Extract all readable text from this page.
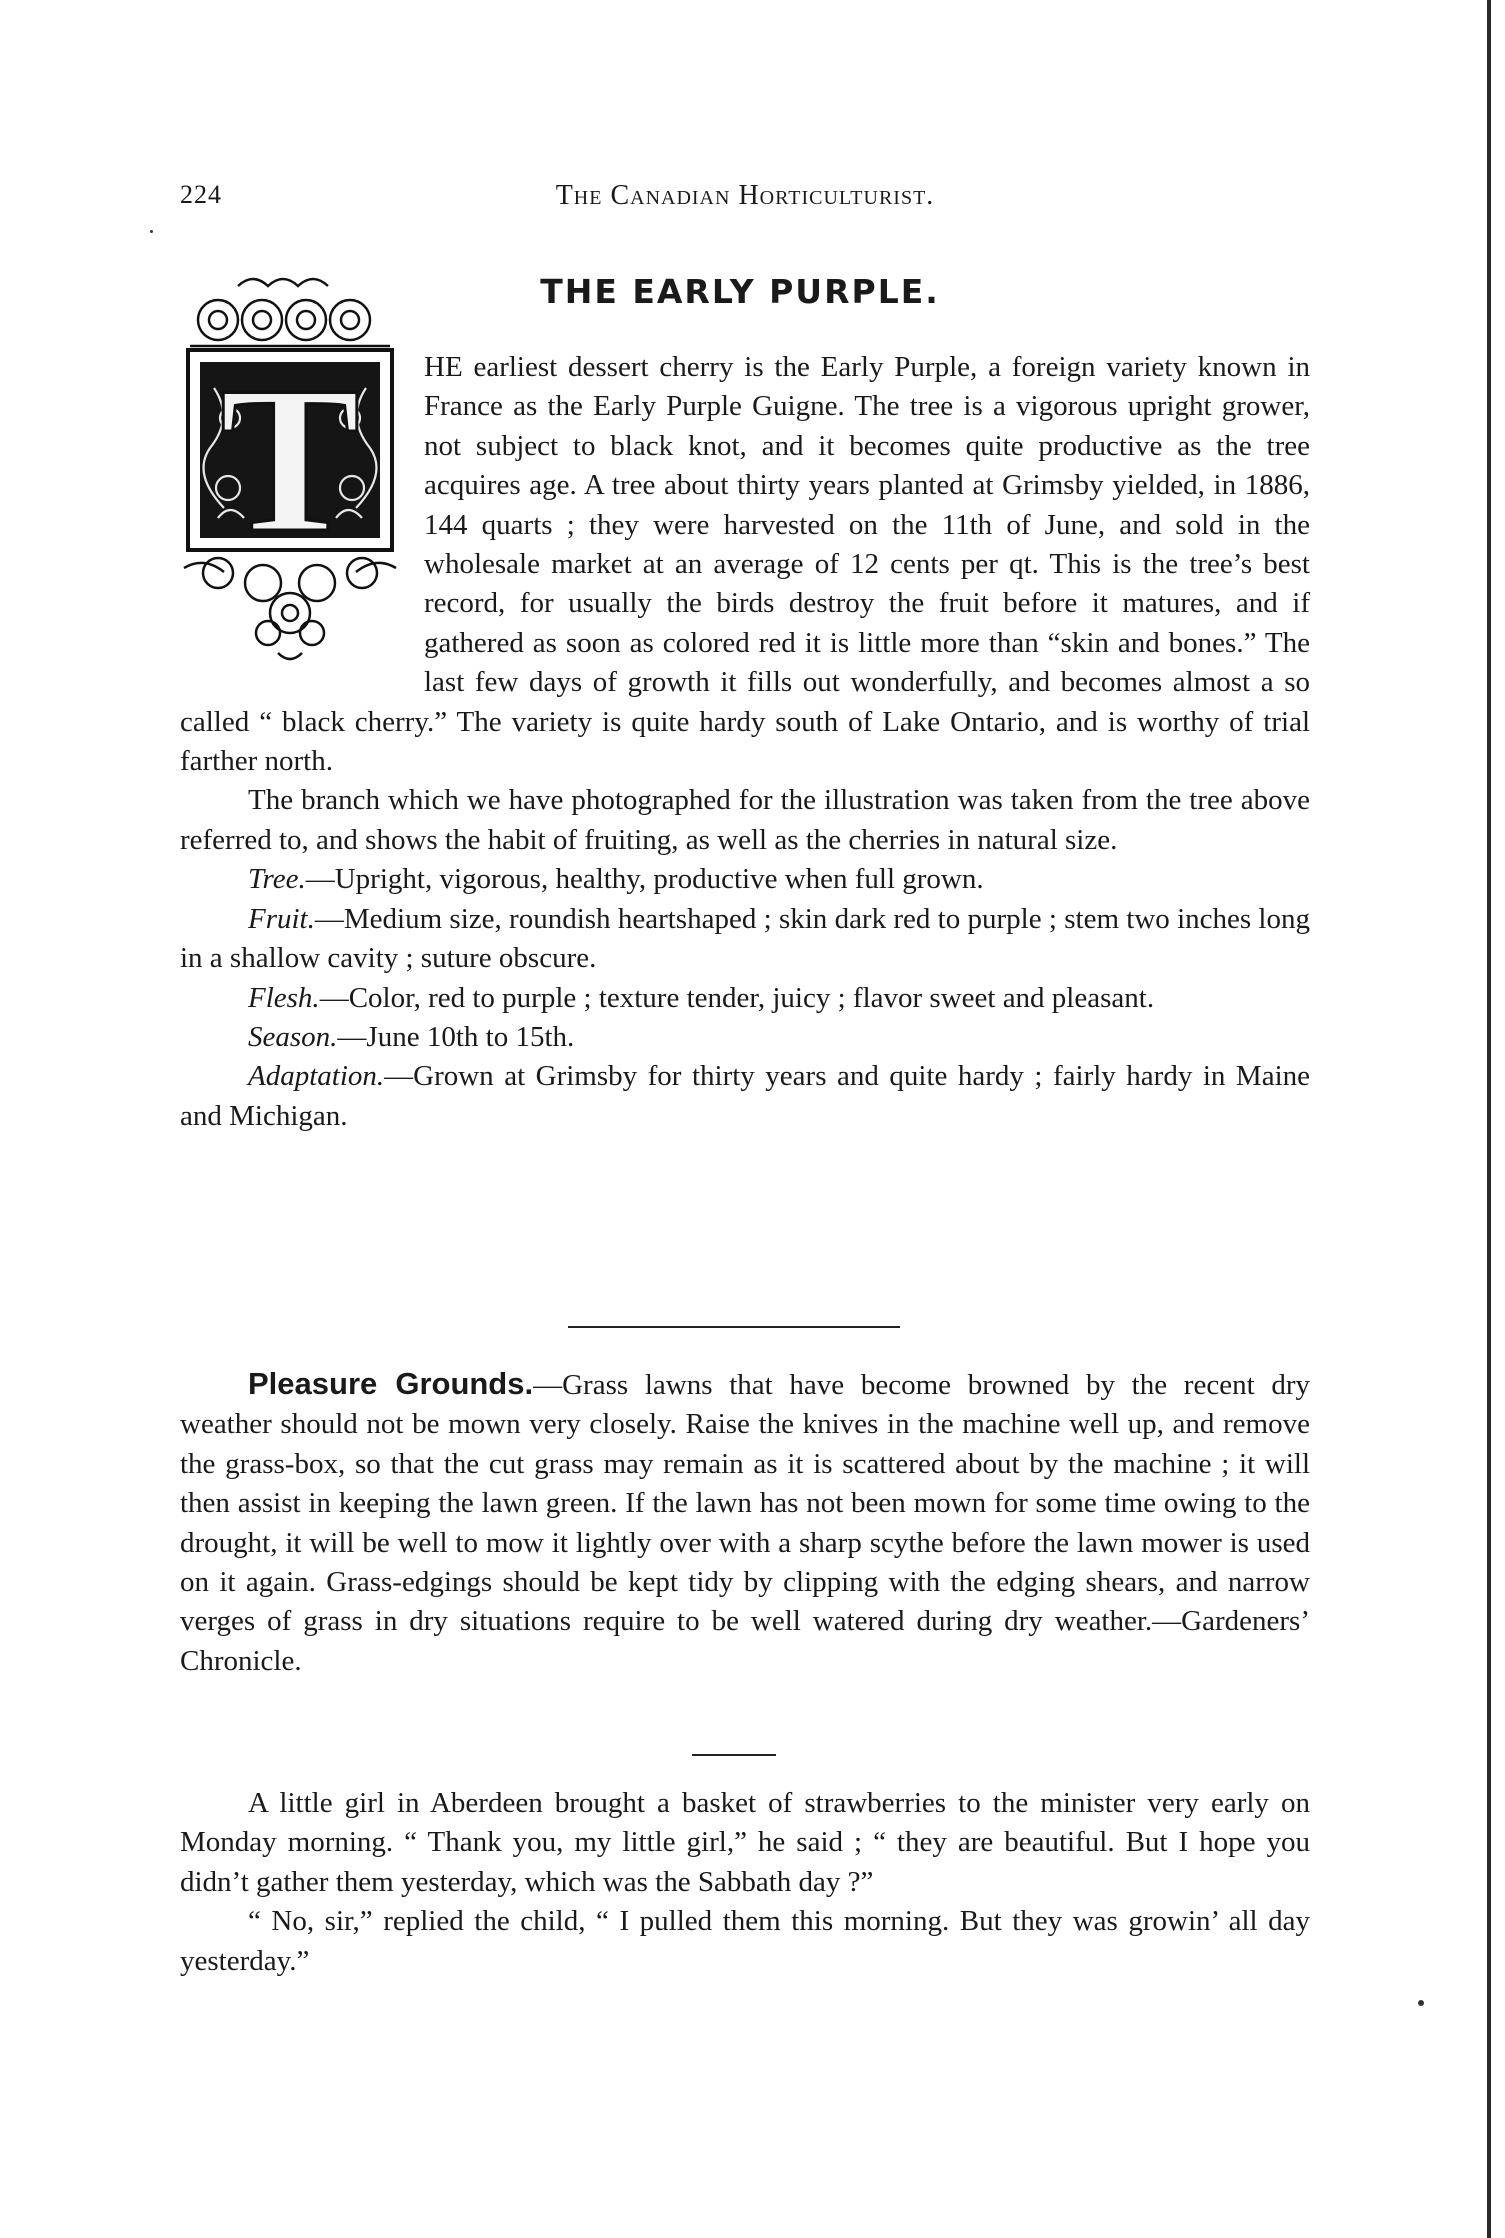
224	The Canadian Horticulturist.
THE EARLY PURPLE.
T	HE earliest dessert cherry is the Early Purple, a foreign variety known in France as the Early Purple Guigne. The tree is a vigorous upright grower, not subject to black knot, and it becomes quite productive as the tree acquires age. A tree about thirty years planted at Grimsby yielded, in 1886, 144 quarts ; they were harvested on the 11th of June, and sold in the wholesale market at an average of 12 cents per qt. This is the tree’s best record, for usually the birds destroy the fruit before it matures, and if gathered as soon as colored red it is little more than “skin and bones.” The last few days of growth it fills out wonderfully, and becomes almost a so called “ black cherry.” The variety is quite hardy south of Lake Ontario, and is worthy of trial farther north.

The branch which we have photographed for the illustration was taken from the tree above referred to, and shows the habit of fruiting, as well as the cherries in natural size.

Tree.—Upright, vigorous, healthy, productive when full grown.

Fruit.—Medium size, roundish heartshaped ; skin dark red to purple ; stem two inches long in a shallow cavity ; suture obscure.

Flesh.—Color, red to purple ; texture tender, juicy ; flavor sweet and pleasant.

Season.—June 10th to 15th.

Adaptation.—Grown at Grimsby for thirty years and quite hardy ; fairly hardy in Maine and Michigan.

Pleasure Grounds.—Grass lawns that have become browned by the recent dry weather should not be mown very closely. Raise the knives in the machine well up, and remove the grass-box, so that the cut grass may remain as it is scattered about by the machine ; it will then assist in keeping the lawn green. If the lawn has not been mown for some time owing to the drought, it will be well to mow it lightly over with a sharp scythe before the lawn mower is used on it again. Grass-edgings should be kept tidy by clipping with the edging shears, and narrow verges of grass in dry situations require to be well watered during dry weather.—Gardeners’ Chronicle.

A little girl in Aberdeen brought a basket of strawberries to the minister very early on Monday morning. “ Thank you, my little girl,” he said ; “ they are beautiful. But I hope you didn’t gather them yesterday, which was the Sabbath day ?”

“ No, sir,” replied the child, “ I pulled them this morning. But they was growin’ all day yesterday.”
